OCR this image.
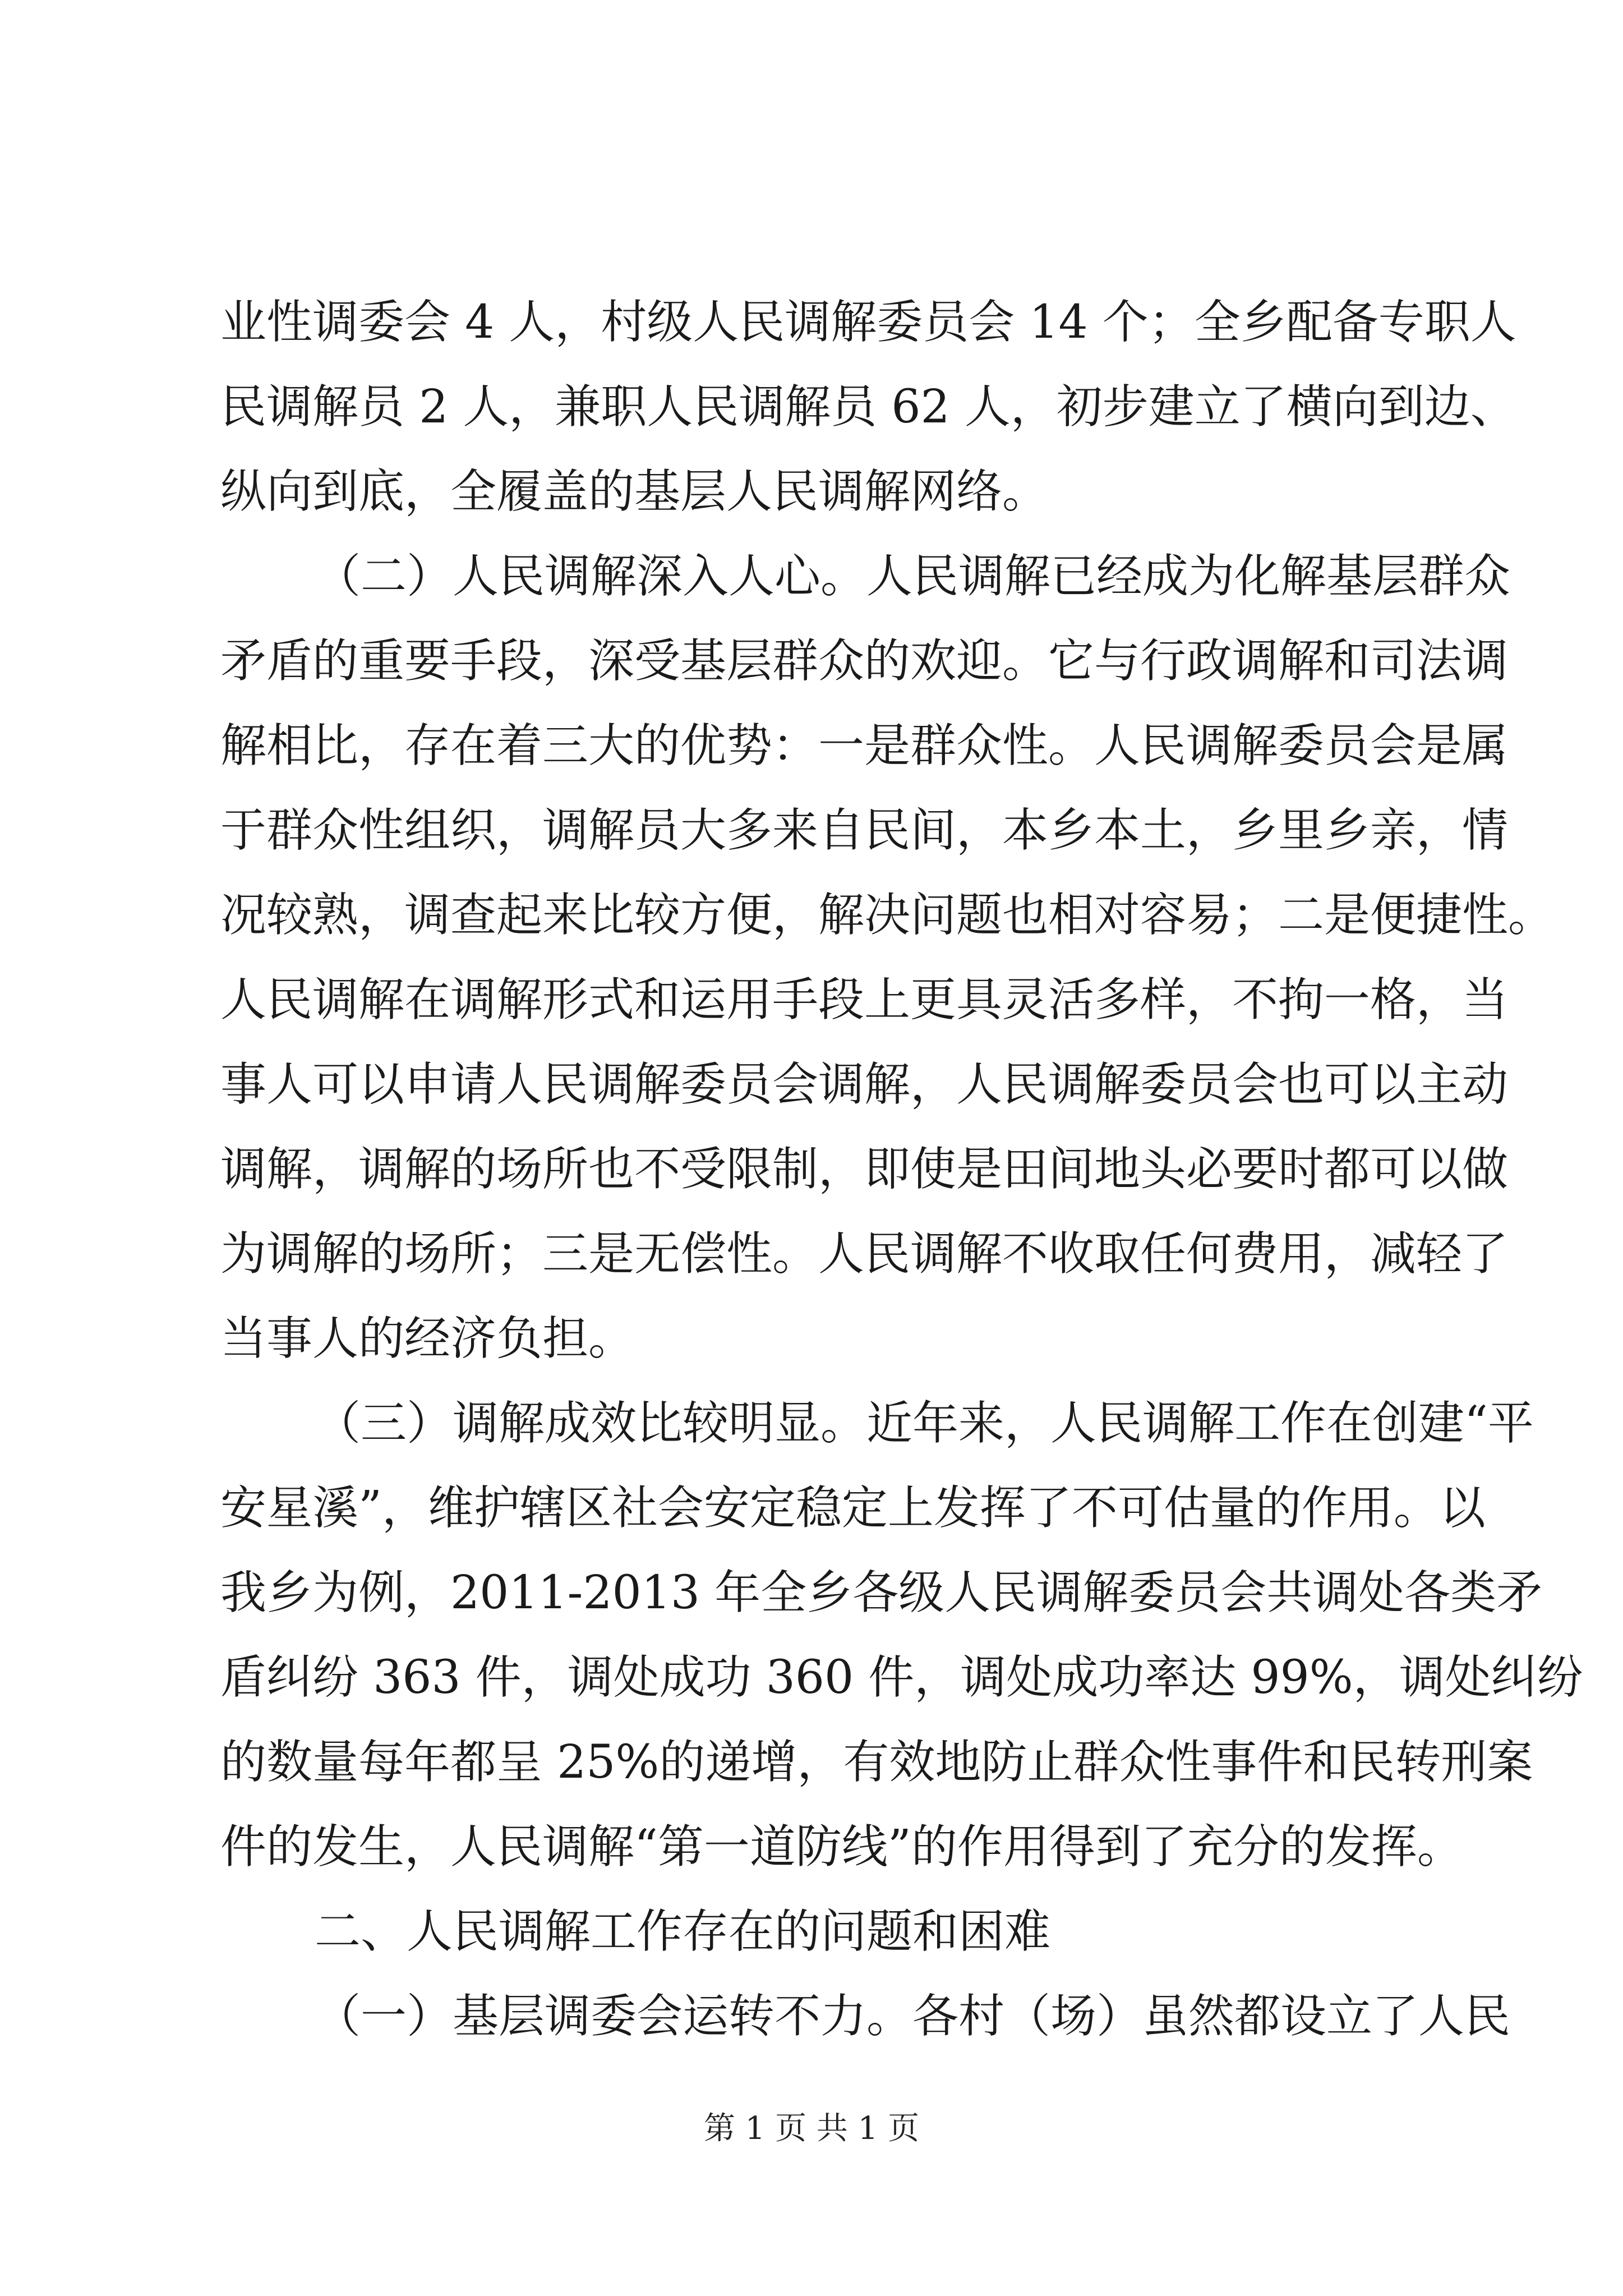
业性调委会 4 人，村级人民调解委员会 14 个；全乡配备专职人
民调解员 2 人，兼职人民调解员 62 人，初步建立了横向到边、
纵向到底，全履盖的基层人民调解网络。
（二）人民调解深入人心。人民调解已经成为化解基层群众
矛盾的重要手段，深受基层群众的欢迎。它与行政调解和司法调
解相比，存在着三大的优势：一是群众性。人民调解委员会是属
于群众性组织，调解员大多来自民间，本乡本土，乡里乡亲，情
况较熟，调查起来比较方便，解决问题也相对容易；二是便捷性。
人民调解在调解形式和运用手段上更具灵活多样，不拘一格，当
事人可以申请人民调解委员会调解，人民调解委员会也可以主动
调解，调解的场所也不受限制，即使是田间地头必要时都可以做
为调解的场所；三是无偿性。人民调解不收取任何费用，减轻了
当事人的经济负担。
（三）调解成效比较明显。近年来，人民调解工作在创建“平
安星溪”，维护辖区社会安定稳定上发挥了不可估量的作用。以
我乡为例，2011-2013 年全乡各级人民调解委员会共调处各类矛
盾纠纷 363 件，调处成功 360 件，调处成功率达 99%，调处纠纷
的数量每年都呈 25%的递增，有效地防止群众性事件和民转刑案
件的发生，人民调解“第一道防线”的作用得到了充分的发挥。
二、人民调解工作存在的问题和困难
（一）基层调委会运转不力。各村（场）虽然都设立了人民
第 1 页 共 1 页
